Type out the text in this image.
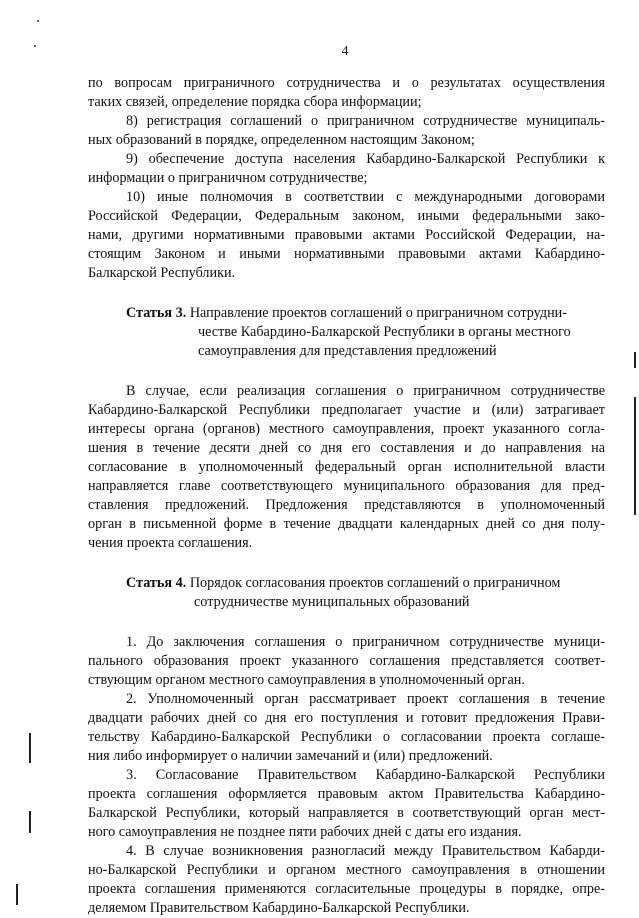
4
по вопросам приграничного сотрудничества и о результатах осуществления
таких связей, определение порядка сбора информации;
8) регистрация соглашений о приграничном сотрудничестве муниципаль-
ных образований в порядке, определенном настоящим Законом;
9) обеспечение доступа населения Кабардино-Балкарской Республики к
информации о приграничном сотрудничестве;
10) иные полномочия в соответствии с международными договорами
Российской Федерации, Федеральным законом, иными федеральными зако-
нами, другими нормативными правовыми актами Российской Федерации, на-
стоящим Законом и иными нормативными правовыми актами Кабардино-
Балкарской Республики.
Статья 3. Направление проектов соглашений о приграничном сотрудни-
честве Кабардино-Балкарской Республики в органы местного
самоуправления для представления предложений
В случае, если реализация соглашения о приграничном сотрудничестве
Кабардино-Балкарской Республики предполагает участие и (или) затрагивает
интересы органа (органов) местного самоуправления, проект указанного согла-
шения в течение десяти дней со дня его составления и до направления на
согласование в уполномоченный федеральный орган исполнительной власти
направляется главе соответствующего муниципального образования для пред-
ставления предложений. Предложения представляются в уполномоченный
орган в письменной форме в течение двадцати календарных дней со дня полу-
чения проекта соглашения.
Статья 4. Порядок согласования проектов соглашений о приграничном
сотрудничестве муниципальных образований
1. До заключения соглашения о приграничном сотрудничестве муници-
пального образования проект указанного соглашения представляется соответ-
ствующим органом местного самоуправления в уполномоченный орган.
2. Уполномоченный орган рассматривает проект соглашения в течение
двадцати рабочих дней со дня его поступления и готовит предложения Прави-
тельству Кабардино-Балкарской Республики о согласовании проекта соглаше-
ния либо информирует о наличии замечаний и (или) предложений.
3. Согласование Правительством Кабардино-Балкарской Республики
проекта соглашения оформляется правовым актом Правительства Кабардино-
Балкарской Республики, который направляется в соответствующий орган мест-
ного самоуправления не позднее пяти рабочих дней с даты его издания.
4. В случае возникновения разногласий между Правительством Кабарди-
но-Балкарской Республики и органом местного самоуправления в отношении
проекта соглашения применяются согласительные процедуры в порядке, опре-
деляемом Правительством Кабардино-Балкарской Республики.
